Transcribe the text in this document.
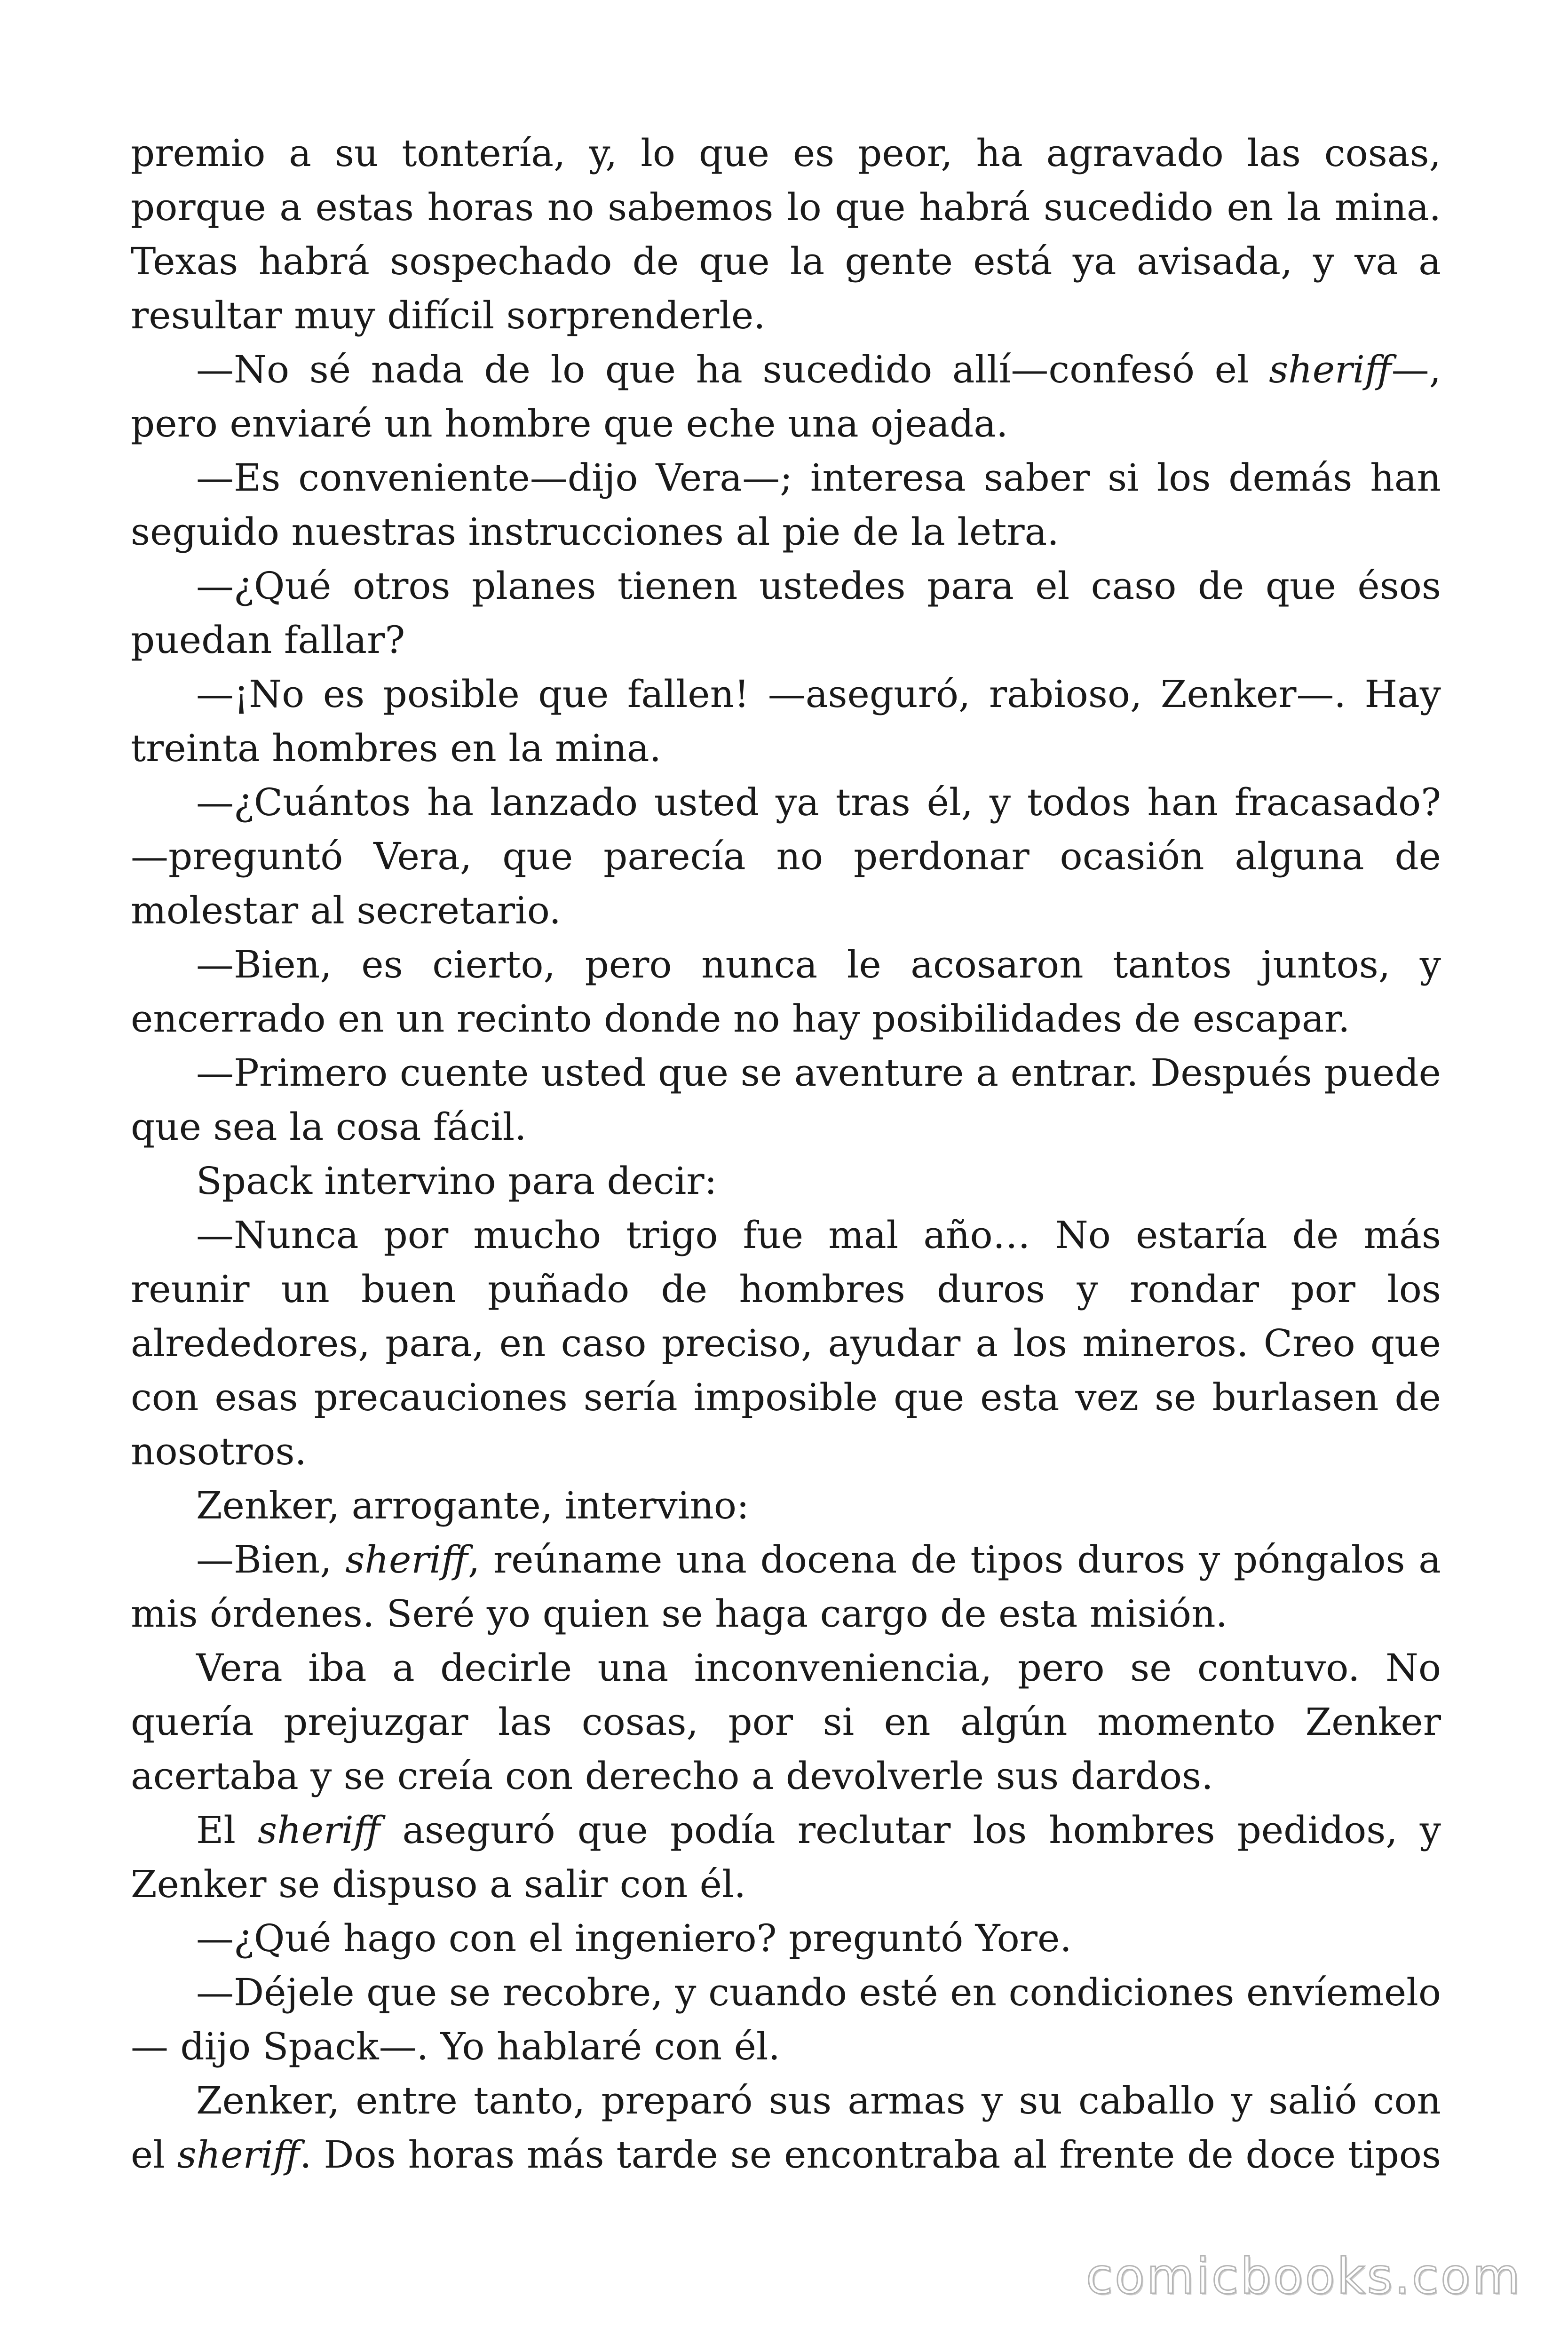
premio a su tontería, y, lo que es peor, ha agravado las cosas, porque a estas horas no sabemos lo que habrá sucedido en la mina. Texas habrá sospechado de que la gente está ya avisada, y va a resultar muy difícil sorprenderle.

—No sé nada de lo que ha sucedido allí—confesó el sheriff—, pero enviaré un hombre que eche una ojeada.

—Es conveniente—dijo Vera—; interesa saber si los demás han seguido nuestras instrucciones al pie de la letra.

—¿Qué otros planes tienen ustedes para el caso de que ésos puedan fallar?

—¡No es posible que fallen! —aseguró, rabioso, Zenker—. Hay treinta hombres en la mina.

—¿Cuántos ha lanzado usted ya tras él, y todos han fracasado? —preguntó Vera, que parecía no perdonar ocasión alguna de molestar al secretario.

—Bien, es cierto, pero nunca le acosaron tantos juntos, y encerrado en un recinto donde no hay posibilidades de escapar.

—Primero cuente usted que se aventure a entrar. Después puede que sea la cosa fácil.

Spack intervino para decir:

—Nunca por mucho trigo fue mal año… No estaría de más reunir un buen puñado de hombres duros y rondar por los alrededores, para, en caso preciso, ayudar a los mineros. Creo que con esas precauciones sería imposible que esta vez se burlasen de nosotros.

Zenker, arrogante, intervino:

—Bien, sheriff, reúname una docena de tipos duros y póngalos a mis órdenes. Seré yo quien se haga cargo de esta misión.

Vera iba a decirle una inconveniencia, pero se contuvo. No quería prejuzgar las cosas, por si en algún momento Zenker acertaba y se creía con derecho a devolverle sus dardos.

El sheriff aseguró que podía reclutar los hombres pedidos, y Zenker se dispuso a salir con él.

—¿Qué hago con el ingeniero? preguntó Yore.

—Déjele que se recobre, y cuando esté en condiciones envíemelo — dijo Spack—. Yo hablaré con él.

Zenker, entre tanto, preparó sus armas y su caballo y salió con el sheriff. Dos horas más tarde se encontraba al frente de doce tipos

comicbooks.com
